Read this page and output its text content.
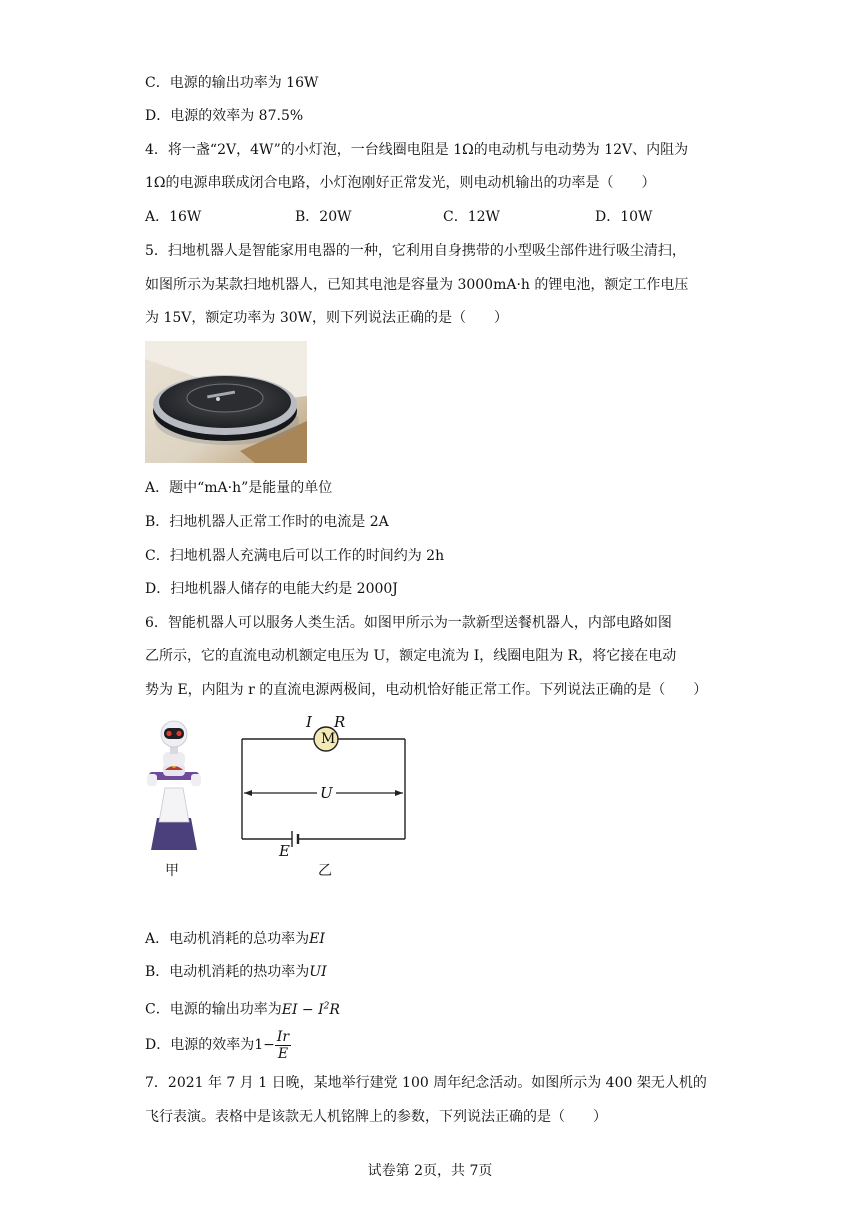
C．电源的输出功率为 16W
D．电源的效率为 87.5%
4．将一盏“2V，4W”的小灯泡，一台线圈电阻是 1Ω的电动机与电动势为 12V、内阻为
1Ω的电源串联成闭合电路，小灯泡刚好正常发光，则电动机输出的功率是（　　）
A．16W	B．20W	C．12W	D．10W
5．扫地机器人是智能家用电器的一种，它利用自身携带的小型吸尘部件进行吸尘清扫，
如图所示为某款扫地机器人，已知其电池是容量为 3000mA·h 的锂电池，额定工作电压
为 15V，额定功率为 30W，则下列说法正确的是（　　）
A．题中“mA·h”是能量的单位
B．扫地机器人正常工作时的电流是 2A
C．扫地机器人充满电后可以工作的时间约为 2h
D．扫地机器人储存的电能大约是 2000J
6．智能机器人可以服务人类生活。如图甲所示为一款新型送餐机器人，内部电路如图
乙所示，它的直流电动机额定电压为 U，额定电流为 I，线圈电阻为 R，将它接在电动
势为 E，内阻为 r 的直流电源两极间，电动机恰好能正常工作。下列说法正确的是（　　）
甲
M
I R
U
E
乙
A．电动机消耗的总功率为EI
B．电动机消耗的热功率为UI
C．电源的输出功率为EI − $I^2R$
D．电源的效率为$1- \frac{Ir}{E}$
7．2021 年 7 月 1 日晚，某地举行建党 100 周年纪念活动。如图所示为 400 架无人机的
飞行表演。表格中是该款无人机铭牌上的参数，下列说法正确的是（　　）
试卷第 2页，共 7页
